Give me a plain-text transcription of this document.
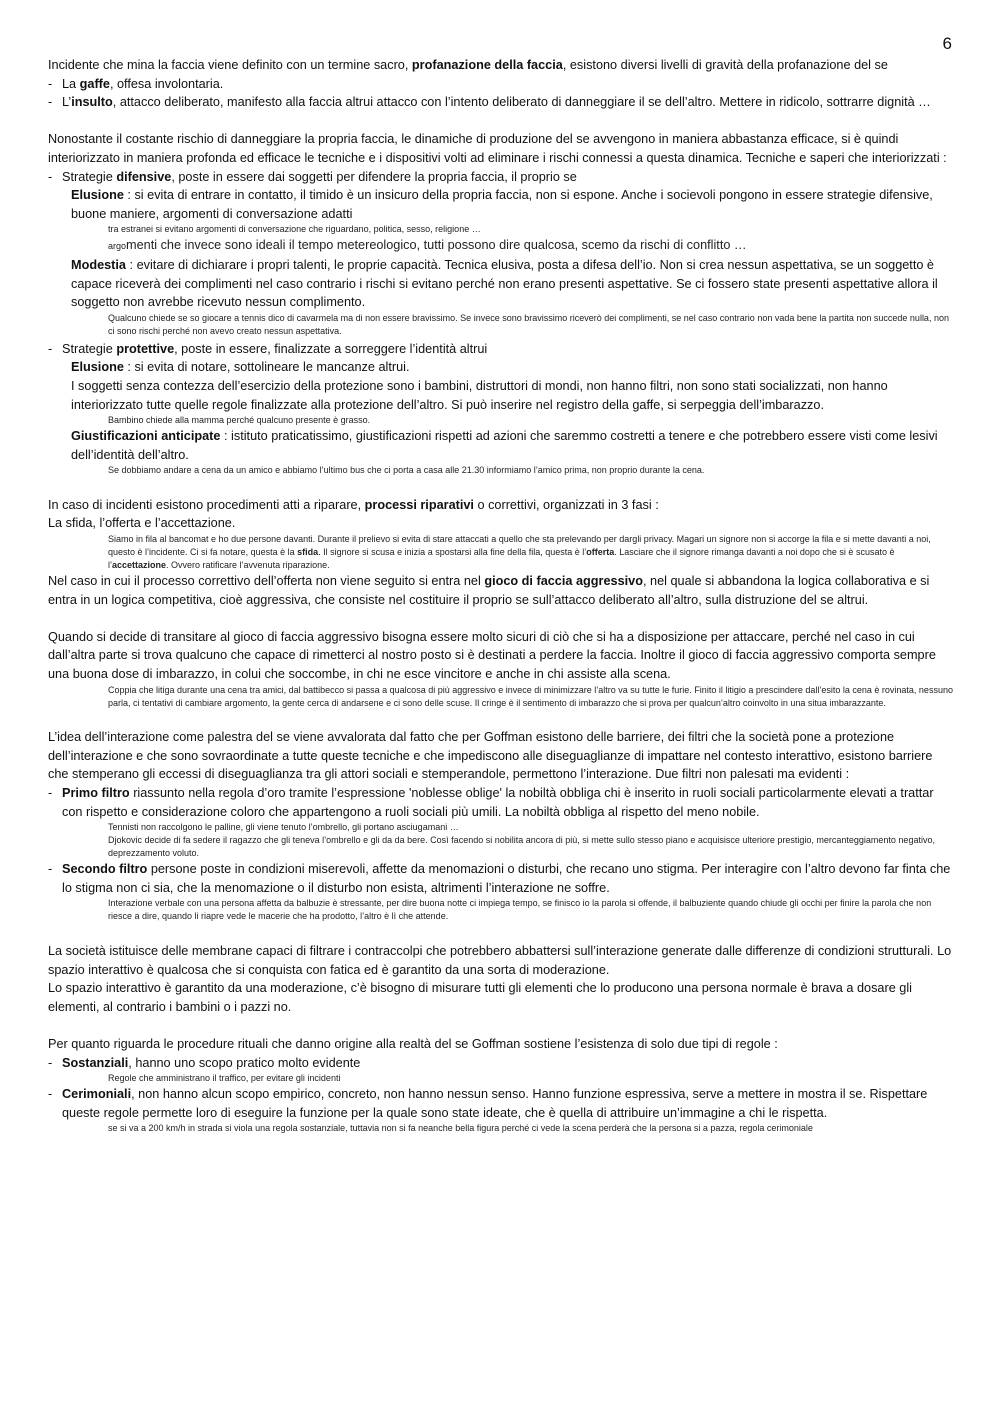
6

Incidente che mina la faccia viene definito con un termine sacro, profanazione della faccia, esistono diversi livelli di gravità della profanazione del se

- La gaffe, offesa involontaria.
- L’insulto, attacco deliberato, manifesto alla faccia altrui attacco con l’intento deliberato di danneggiare il se dell’altro. Mettere in ridicolo, sottrarre dignità …

Nonostante il costante rischio di danneggiare la propria faccia, le dinamiche di produzione del se avvengono in maniera abbastanza efficace, si è quindi interiorizzato in maniera profonda ed efficace le tecniche e i dispositivi volti ad eliminare i rischi connessi a questa dinamica. Tecniche e saperi che interiorizzati :

- Strategie difensive, poste in essere dai soggetti per difendere la propria faccia, il proprio se
Elusione : si evita di entrare in contatto, il timido è un insicuro della propria faccia, non si espone. Anche i socievoli pongono in essere strategie difensive, buone maniere, argomenti di conversazione adatti
tra estranei si evitano argomenti di conversazione che riguardano, politica, sesso, religione …
argomenti che invece sono ideali il tempo metereologico, tutti possono dire qualcosa, scemo da rischi di conflitto …
Modestia : evitare di dichiarare i propri talenti, le proprie capacità. Tecnica elusiva, posta a difesa dell’io. Non si crea nessun aspettativa, se un soggetto è capace riceverà dei complimenti nel caso contrario i rischi si evitano perché non erano presenti aspettative. Se ci fossero state presenti aspettative allora il soggetto non avrebbe ricevuto nessun complimento.
Qualcuno chiede se so giocare a tennis dico di cavarmela ma di non essere bravissimo. Se invece sono bravissimo riceverò dei complimenti, se nel caso contrario non vada bene la partita non succede nulla, non ci sono rischi perché non avevo creato nessun aspettativa.
- Strategie protettive, poste in essere, finalizzate a sorreggere l’identità altrui
Elusione : si evita di notare, sottolineare le mancanze altrui.
I soggetti senza contezza dell’esercizio della protezione sono i bambini, distruttori di mondi, non hanno filtri, non sono stati socializzati, non hanno interiorizzato tutte quelle regole finalizzate alla protezione dell’altro. Si può inserire nel registro della gaffe, si serpeggia dell’imbarazzo.
Bambino chiede alla mamma perché qualcuno presente è grasso.
Giustificazioni anticipate : istituto praticatissimo, giustificazioni rispetti ad azioni che saremmo costretti a tenere e che potrebbero essere visti come lesivi dell’identità dell’altro.
Se dobbiamo andare a cena da un amico e abbiamo l’ultimo bus che ci porta a casa alle 21.30 informiamo l’amico prima, non proprio durante la cena.

In caso di incidenti esistono procedimenti atti a riparare, processi riparativi o correttivi, organizzati in 3 fasi :

La sfida, l’offerta e l’accettazione.

Siamo in fila al bancomat e ho due persone davanti. Durante il prelievo si evita di stare attaccati a quello che sta prelevando per dargli privacy. Magari un signore non si accorge la fila e si mette davanti a noi, questo è l’incidente. Ci si fa notare, questa è la sfida. Il signore si scusa e inizia a spostarsi alla fine della fila, questa è l’offerta. Lasciare che il signore rimanga davanti a noi dopo che si è scusato è l’accettazione. Ovvero ratificare l’avvenuta riparazione.

Nel caso in cui il processo correttivo dell’offerta non viene seguito si entra nel gioco di faccia aggressivo, nel quale si abbandona la logica collaborativa e si entra in un logica competitiva, cioè aggressiva, che consiste nel costituire il proprio se sull’attacco deliberato all’altro, sulla distruzione del se altrui.

Quando si decide di transitare al gioco di faccia aggressivo bisogna essere molto sicuri di ciò che si ha a disposizione per attaccare, perché nel caso in cui dall’altra parte si trova qualcuno che capace di rimetterci al nostro posto si è destinati a perdere la faccia. Inoltre il gioco di faccia aggressivo comporta sempre una buona dose di imbarazzo, in colui che soccombe, in chi ne esce vincitore e anche in chi assiste alla scena.

Coppia che litiga durante una cena tra amici, dal battibecco si passa a qualcosa di più aggressivo e invece di minimizzare l’altro va su tutte le furie. Finito il litigio a prescindere dall’esito la cena è rovinata, nessuno parla, ci tentativi di cambiare argomento, la gente cerca di andarsene e ci sono delle scuse. Il cringe è il sentimento di imbarazzo che si prova per qualcun’altro coinvolto in una situa imbarazzante.

L’idea dell’interazione come palestra del se viene avvalorata dal fatto che per Goffman esistono delle barriere, dei filtri che la società pone a protezione dell’interazione e che sono sovraordinate a tutte queste tecniche e che impediscono alle diseguaglianze di impattare nel contesto interattivo, esistono barriere che stemperano gli eccessi di diseguaglianza tra gli attori sociali e stemperandole, permettono l’interazione. Due filtri non palesati ma evidenti :

- Primo filtro riassunto nella regola d’oro tramite l’espressione 'noblesse oblige' la nobiltà obbliga chi è inserito in ruoli sociali particolarmente elevati a trattar con rispetto e considerazione coloro che appartengono a ruoli sociali più umili. La nobiltà obbliga al rispetto del meno nobile.
Tennisti non raccolgono le palline, gli viene tenuto l’ombrello, gli portano asciugamani …
Djokovic decide di fa sedere il ragazzo che gli teneva l’ombrello e gli da da bere. Così facendo si nobilita ancora di più, si mette sullo stesso piano e acquisisce ulteriore prestigio, mercanteggiamento negativo, deprezzamento voluto.
- Secondo filtro persone poste in condizioni miserevoli, affette da menomazioni o disturbi, che recano uno stigma. Per interagire con l’altro devono far finta che lo stigma non ci sia, che la menomazione o il disturbo non esista, altrimenti l’interazione ne soffre.
Interazione verbale con una persona affetta da balbuzie è stressante, per dire buona notte ci impiega tempo, se finisco io la parola si offende, il balbuziente quando chiude gli occhi per finire la parola che non riesce a dire, quando li riapre vede le macerie che ha prodotto, l’altro è lì che attende.

La società istituisce delle membrane capaci di filtrare i contraccolpi che potrebbero abbattersi sull’interazione generate dalle differenze di condizioni strutturali. Lo spazio interattivo è qualcosa che si conquista con fatica ed è garantito da una sorta di moderazione.

Lo spazio interattivo è garantito da una moderazione, c’è bisogno di misurare tutti gli elementi che lo producono una persona normale è brava a dosare gli elementi, al contrario i bambini o i pazzi no.

Per quanto riguarda le procedure rituali che danno origine alla realtà del se Goffman sostiene l’esistenza di solo due tipi di regole :

- Sostanziali, hanno uno scopo pratico molto evidente
Regole che amministrano il traffico, per evitare gli incidenti
- Cerimoniali, non hanno alcun scopo empirico, concreto, non hanno nessun senso. Hanno funzione espressiva, serve a mettere in mostra il se. Rispettare queste regole permette loro di eseguire la funzione per la quale sono state ideate, che è quella di attribuire un’immagine a chi le rispetta.
se si va a 200 km/h in strada si viola una regola sostanziale, tuttavia non si fa neanche bella figura perché ci vede la scena perderà che la persona si a pazza, regola cerimoniale
